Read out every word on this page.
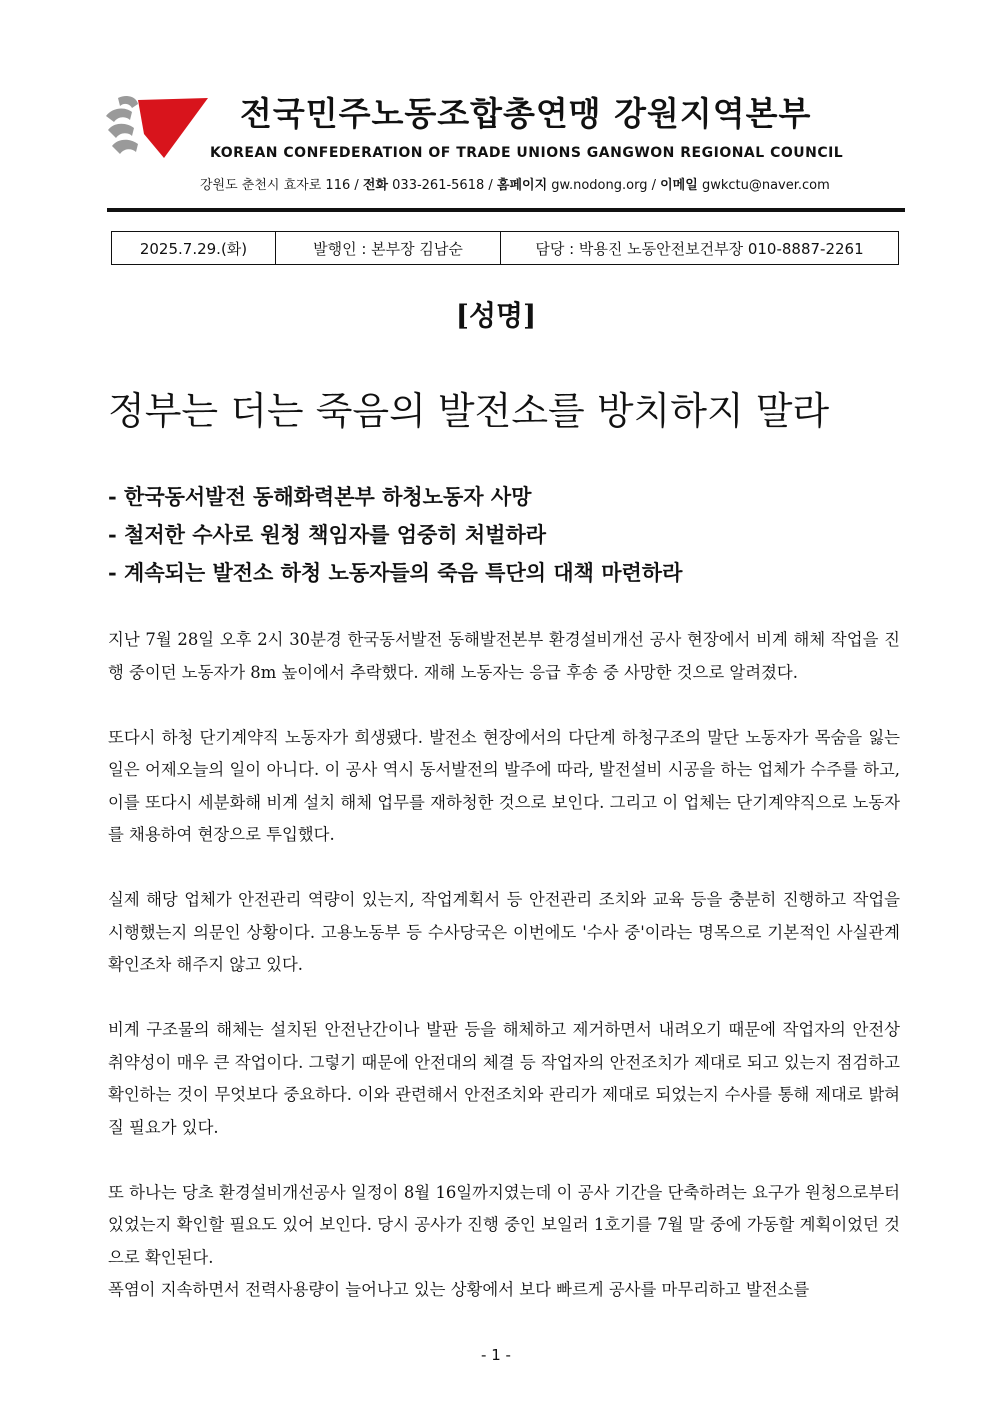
전국민주노동조합총연맹 강원지역본부
KOREAN CONFEDERATION OF TRADE UNIONS GANGWON REGIONAL COUNCIL
강원도 춘천시 효자로 116 / 전화 033-261-5618 / 홈페이지 gw.nodong.org / 이메일 gwkctu@naver.com
2025.7.29.(화)	발행인 : 본부장 김남순	담당 : 박용진 노동안전보건부장 010-8887-2261
[성명]
정부는 더는 죽음의 발전소를 방치하지 말라
- 한국동서발전 동해화력본부 하청노동자 사망
- 철저한 수사로 원청 책임자를 엄중히 처벌하라
- 계속되는 발전소 하청 노동자들의 죽음 특단의 대책 마련하라

지난 7월 28일 오후 2시 30분경 한국동서발전 동해발전본부 환경설비개선 공사 현장에서 비계 해체 작업을 진행 중이던 노동자가 8m 높이에서 추락했다. 재해 노동자는 응급 후송 중 사망한 것으로 알려졌다.

또다시 하청 단기계약직 노동자가 희생됐다. 발전소 현장에서의 다단계 하청구조의 말단 노동자가 목숨을 잃는 일은 어제오늘의 일이 아니다. 이 공사 역시 동서발전의 발주에 따라, 발전설비 시공을 하는 업체가 수주를 하고, 이를 또다시 세분화해 비계 설치 해체 업무를 재하청한 것으로 보인다. 그리고 이 업체는 단기계약직으로 노동자를 채용하여 현장으로 투입했다.

실제 해당 업체가 안전관리 역량이 있는지, 작업계획서 등 안전관리 조치와 교육 등을 충분히 진행하고 작업을 시행했는지 의문인 상황이다. 고용노동부 등 수사당국은 이번에도 '수사 중'이라는 명목으로 기본적인 사실관계 확인조차 해주지 않고 있다.

비계 구조물의 해체는 설치된 안전난간이나 발판 등을 해체하고 제거하면서 내려오기 때문에 작업자의 안전상 취약성이 매우 큰 작업이다. 그렇기 때문에 안전대의 체결 등 작업자의 안전조치가 제대로 되고 있는지 점검하고 확인하는 것이 무엇보다 중요하다. 이와 관련해서 안전조치와 관리가 제대로 되었는지 수사를 통해 제대로 밝혀질 필요가 있다.

또 하나는 당초 환경설비개선공사 일정이 8월 16일까지였는데 이 공사 기간을 단축하려는 요구가 원청으로부터 있었는지 확인할 필요도 있어 보인다. 당시 공사가 진행 중인 보일러 1호기를 7월 말 중에 가동할 계획이었던 것으로 확인된다.

폭염이 지속하면서 전력사용량이 늘어나고 있는 상황에서 보다 빠르게 공사를 마무리하고 발전소를

- 1 -
